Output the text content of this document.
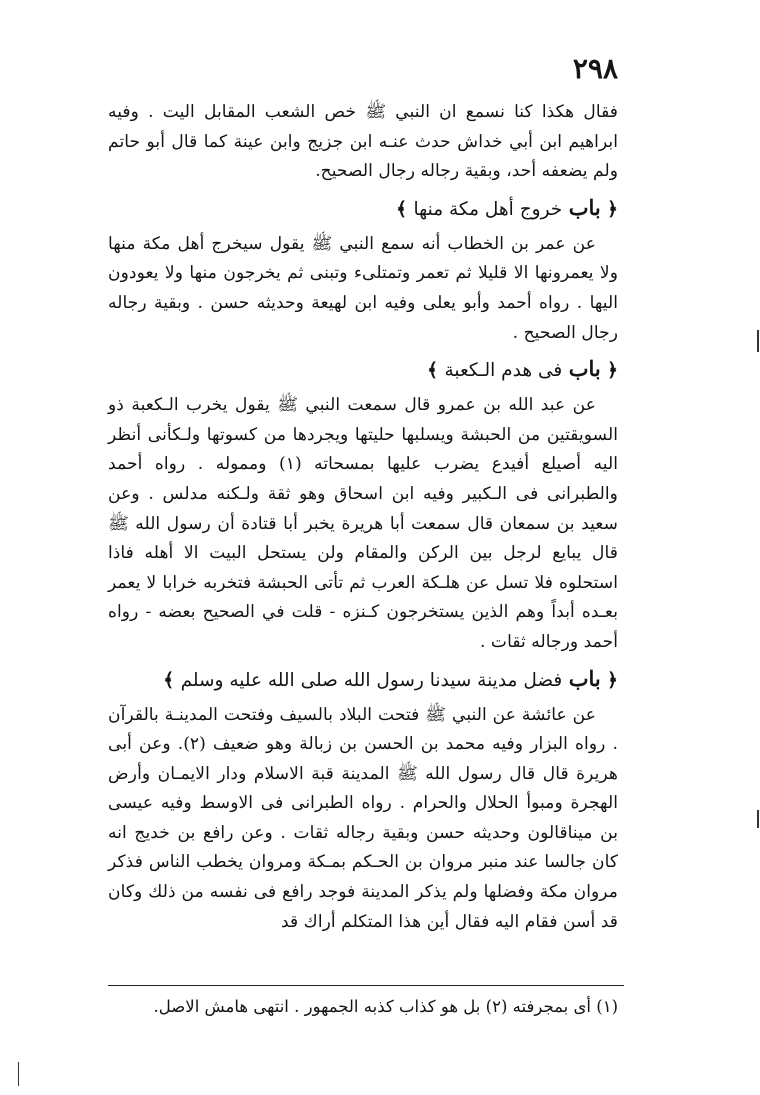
٢٩٨

فقال هكذا كنا نسمع ان النبي ﷺ خص الشعب المقابل اليت . وفيه ابراهيم ابن أبي خداش حدث عنـه ابن جزيج وابن عينة كما قال أبو حاتم ولم يضعفه أحد، وبقية رجاله رجال الصحيح.

﴿ باب خروج أهل مكة منها ﴾

عن عمر بن الخطاب أنه سمع النبي ﷺ يقول سيخرج أهل مكة منها ولا يعمرونها الا قليلا ثم تعمر وتمتلىء وتبنى ثم يخرجون منها ولا يعودون اليها . رواه أحمد وأبو يعلى وفيه ابن لهيعة وحديثه حسن . وبقية رجاله رجال الصحيح .

﴿ باب فى هدم الـكعبة ﴾

عن عبد الله بن عمرو قال سمعت النبي ﷺ يقول يخرب الـكعبة ذو السويقتين من الحبشة ويسلبها حليتها ويجردها من كسوتها ولـكأنى أنظر اليه أصيلع أفيدع يضرب عليها بمسحاته (١) ومموله . رواه أحمد والطبرانى فى الـكبير وفيه ابن اسحاق وهو ثقة ولـكنه مدلس . وعن سعيد بن سمعان قال سمعت أبا هريرة يخبر أبا قتادة أن رسول الله ﷺ قال يبايع لرجل بين الركن والمقام ولن يستحل البيت الا أهله فاذا استحلوه فلا تسل عن هلـكة العرب ثم تأتى الحبشة فتخربه خرابا لا يعمر بعـده أبداً وهم الذين يستخرجون كـنزه - قلت في الصحيح بعضه - رواه أحمد ورجاله ثقات .

﴿ باب فضل مدينة سيدنا رسول الله صلى الله عليه وسلم ﴾

عن عائشة عن النبي ﷺ فتحت البلاد بالسيف وفتحت المدينـة بالقرآن . رواه البزار وفيه محمد بن الحسن بن زبالة وهو ضعيف (٢). وعن أبى هريرة قال قال رسول الله ﷺ المدينة قبة الاسلام ودار الايمـان وأرض الهجرة ومبوأ الحلال والحرام . رواه الطبرانى فى الاوسط وفيه عيسى بن ميناقالون وحديثه حسن وبقية رجاله ثقات . وعن رافع بن خديج انه كان جالسا عند منبر مروان بن الحـكم بمـكة ومروان يخطب الناس فذكر مروان مكة وفضلها ولم يذكر المدينة فوجد رافع فى نفسه من ذلك وكان قد أسن فقام اليه فقال أين هذا المتكلم أراك قد

(١) أى بمجرفته (٢) بل هو كذاب كذبه الجمهور . انتهى هامش الاصل.
